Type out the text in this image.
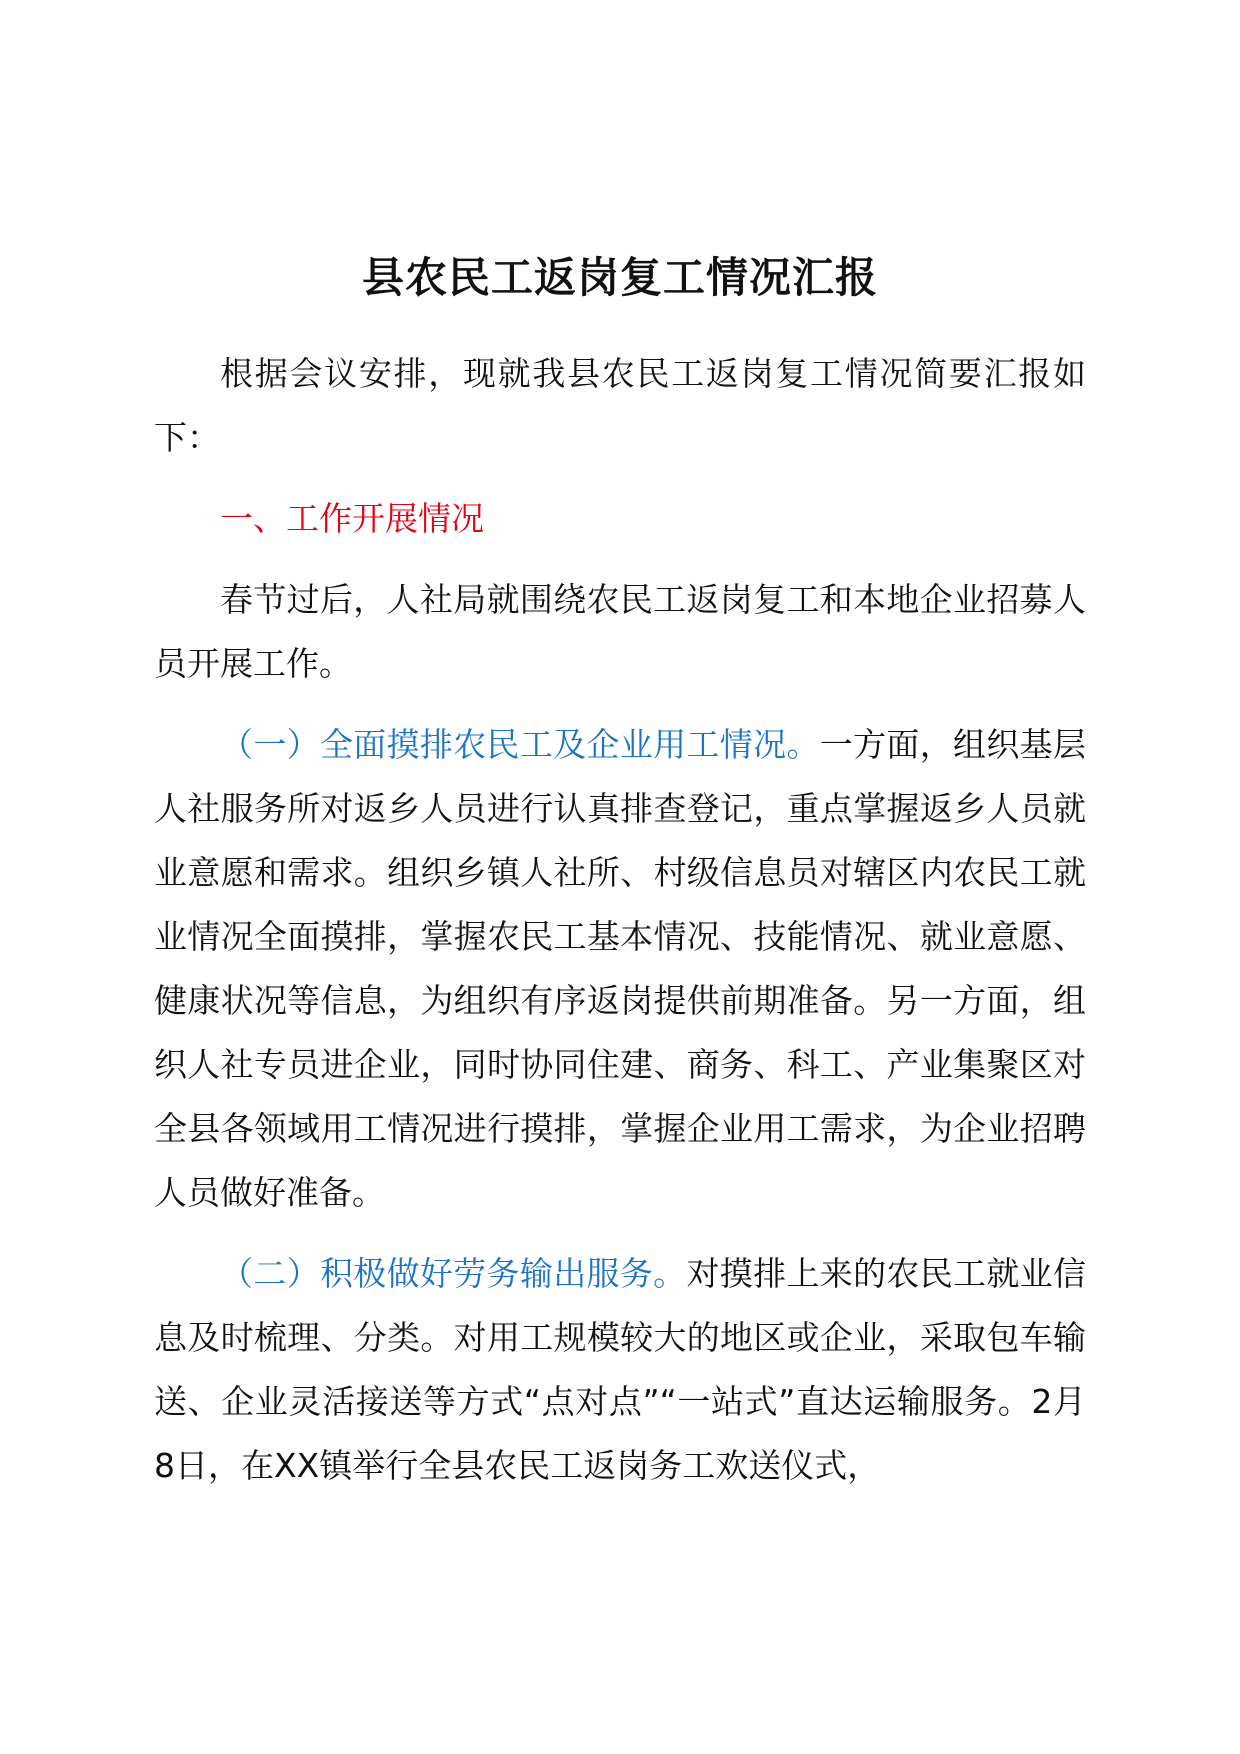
县农民工返岗复工情况汇报

根据会议安排，现就我县农民工返岗复工情况简要汇报如下：

一、工作开展情况

春节过后，人社局就围绕农民工返岗复工和本地企业招募人员开展工作。

（一）全面摸排农民工及企业用工情况。一方面，组织基层人社服务所对返乡人员进行认真排查登记，重点掌握返乡人员就业意愿和需求。组织乡镇人社所、村级信息员对辖区内农民工就业情况全面摸排，掌握农民工基本情况、技能情况、就业意愿、健康状况等信息，为组织有序返岗提供前期准备。另一方面，组织人社专员进企业，同时协同住建、商务、科工、产业集聚区对全县各领域用工情况进行摸排，掌握企业用工需求，为企业招聘人员做好准备。

（二）积极做好劳务输出服务。对摸排上来的农民工就业信息及时梳理、分类。对用工规模较大的地区或企业，采取包车输送、企业灵活接送等方式“点对点”“一站式”直达运输服务。2月8日，在XX镇举行全县农民工返岗务工欢送仪式，
